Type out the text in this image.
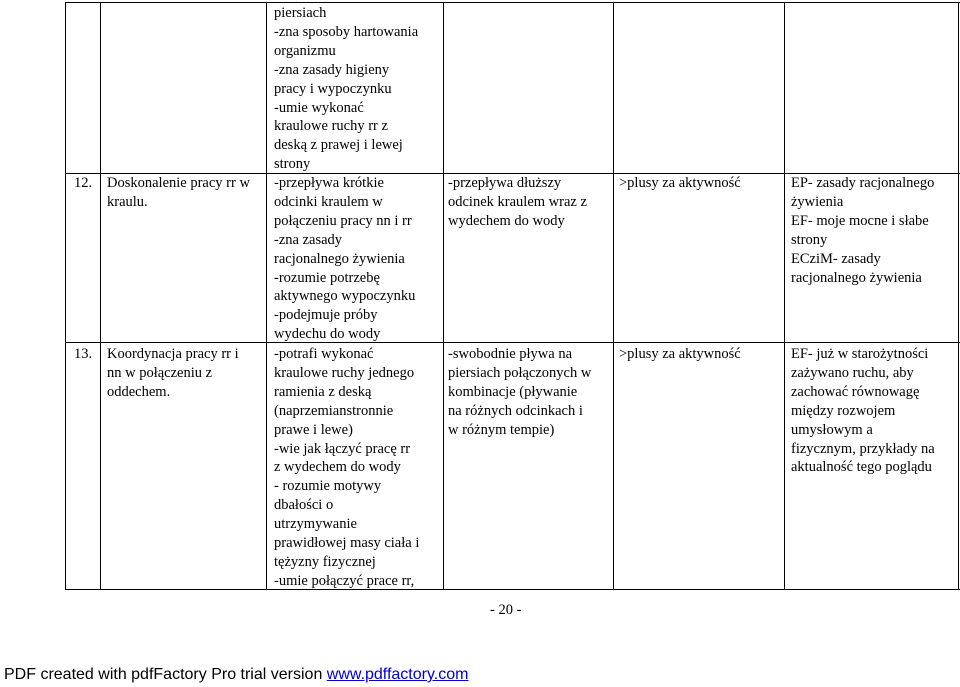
piersiach
-zna sposoby hartowania
organizmu
-zna zasady higieny
pracy i wypoczynku
-umie wykonać
kraulowe ruchy rr z
deską z prawej i lewej
strony
12. Doskonalenie pracy rr w
kraulu.
-przepływa krótkie
odcinki kraulem w
połączeniu pracy nn i rr
-zna zasady
racjonalnego żywienia
-rozumie potrzebę
aktywnego wypoczynku
-podejmuje próby
wydechu do wody
-przepływa dłuższy
odcinek kraulem wraz z
wydechem do wody
>plusy za aktywność	EP- zasady racjonalnego
żywienia
EF- moje mocne i słabe
strony
ECziM- zasady
racjonalnego żywienia
13. Koordynacja pracy rr i
nn w połączeniu z
oddechem.
-potrafi wykonać
kraulowe ruchy jednego
ramienia z deską
(naprzemianstronnie
prawe i lewe)
-wie jak łączyć pracę rr
z wydechem do wody
- rozumie motywy
dbałości o
utrzymywanie
prawidłowej masy ciała i
tężyzny fizycznej
-umie połączyć prace rr,
-swobodnie pływa na
piersiach połączonych w
kombinacje (pływanie
na różnych odcinkach i
w różnym tempie)
>plusy za aktywność	EF- już w starożytności
zażywano ruchu, aby
zachować równowagę
między rozwojem
umysłowym a
fizycznym, przykłady na
aktualność tego poglądu
- 20 -
PDF created with pdfFactory Pro trial version www.pdffactory.com
